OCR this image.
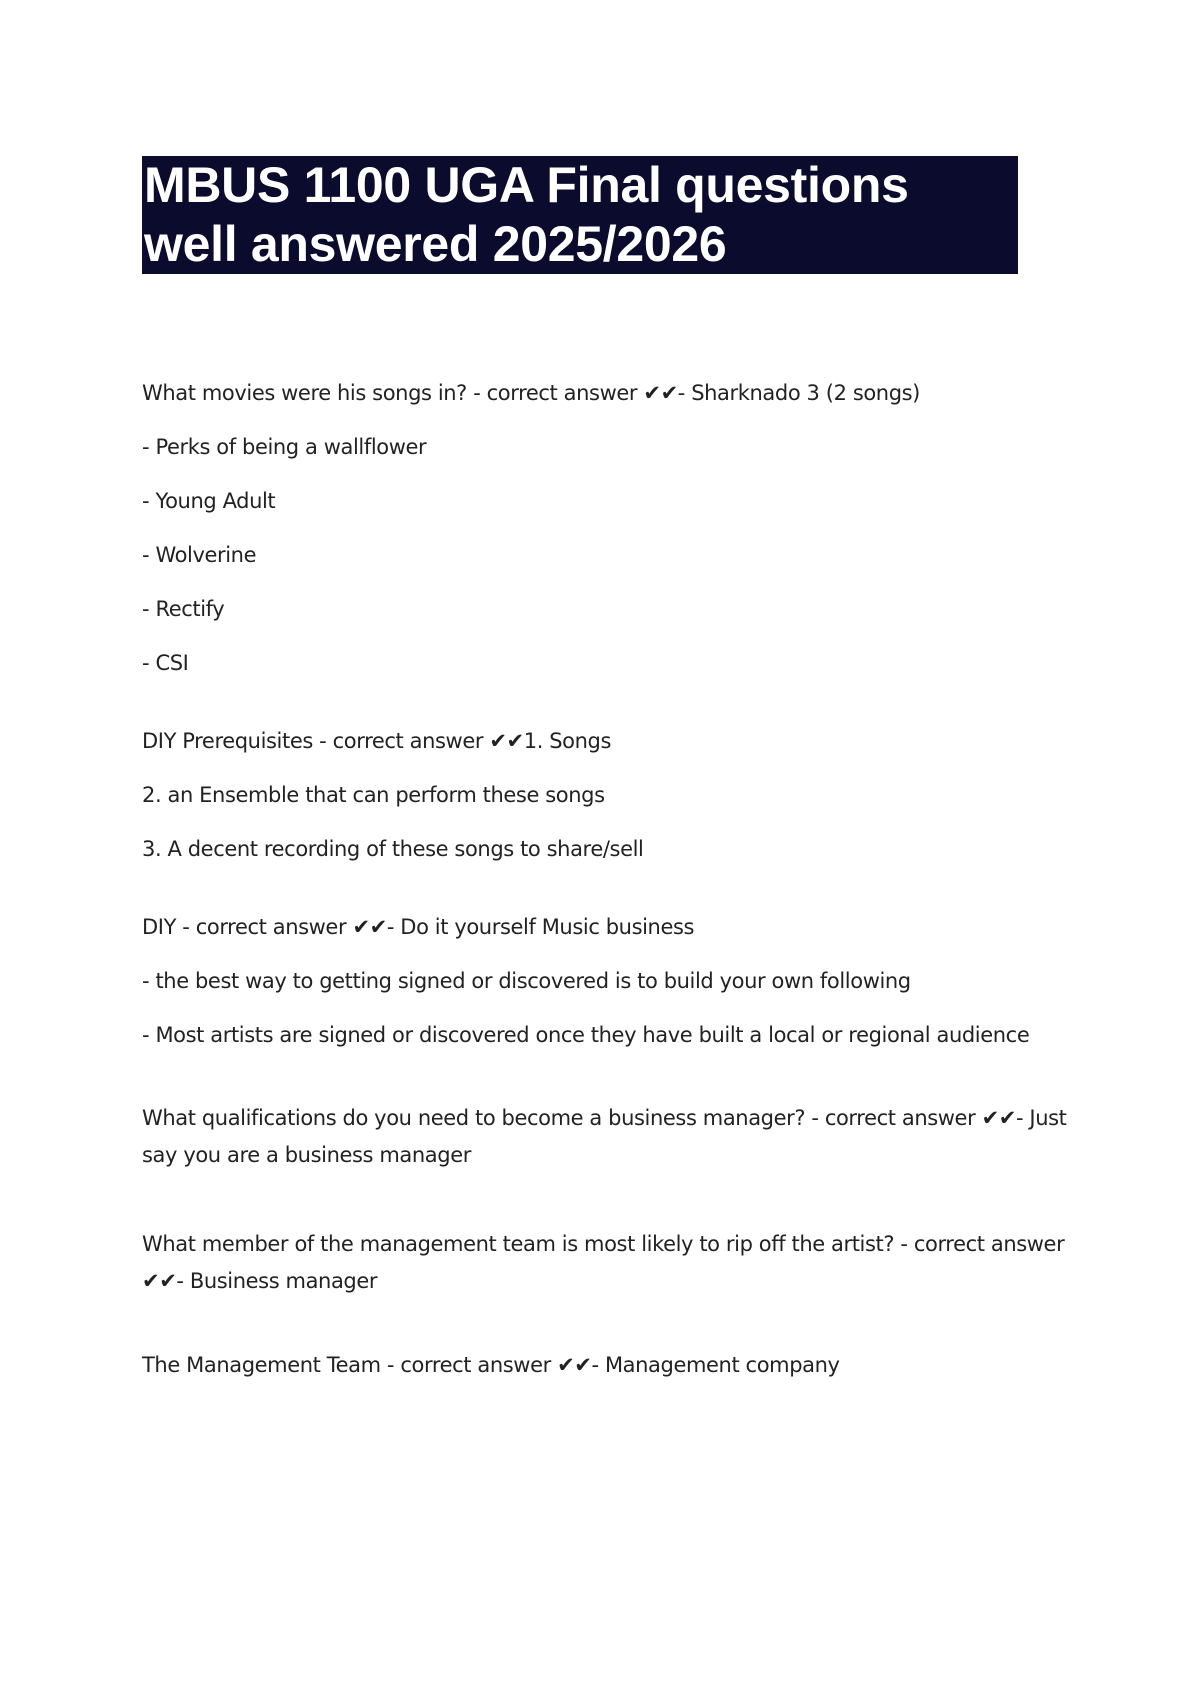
MBUS 1100 UGA Final questions well answered 2025/2026

What movies were his songs in? - correct answer ✔✔- Sharknado 3 (2 songs)

- Perks of being a wallflower

- Young Adult

- Wolverine

- Rectify

- CSI

DIY Prerequisites - correct answer ✔✔1. Songs

2. an Ensemble that can perform these songs

3. A decent recording of these songs to share/sell

DIY - correct answer ✔✔- Do it yourself Music business

- the best way to getting signed or discovered is to build your own following

- Most artists are signed or discovered once they have built a local or regional audience

What qualifications do you need to become a business manager? - correct answer ✔✔- Just say you are a business manager

What member of the management team is most likely to rip off the artist? - correct answer ✔✔- Business manager

The Management Team - correct answer ✔✔- Management company
